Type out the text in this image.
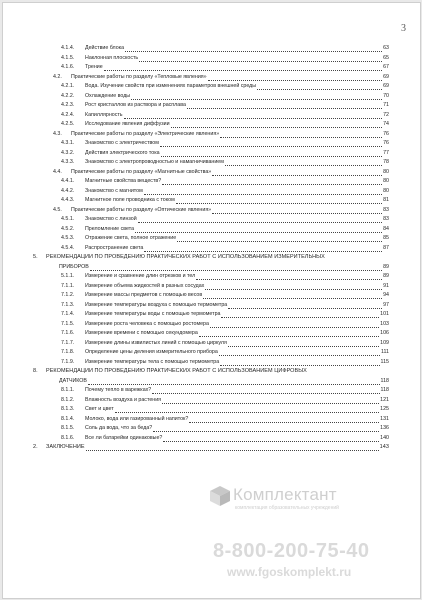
3
4.1.4. Действие блока	63
4.1.5. Наклонная плоскость	65
4.1.6. Трение	67
4.2. Практические работы по разделу «Тепловые явления»	69
4.2.1. Вода. Изучение свойств при изменениях параметров внешней среды	69
4.2.2. Охлаждение воды	70
4.2.3. Рост кристаллов из раствора и расплава	71
4.2.4. Капиллярность	72
4.2.5. Исследование явления диффузии	74
4.3. Практические работы по разделу «Электрические явления»	76
4.3.1. Знакомство с электричеством	76
4.3.2. Действия электрического тока	77
4.3.3. Знакомство с электропроводностью и намагничиванием	78
4.4. Практические работы по разделу «Магнитные свойства»	80
4.4.1. Магнитные свойства веществ?	80
4.4.2. Знакомство с магнитом	80
4.4.3. Магнитное поле проводника с током	81
4.5. Практические работы по разделу «Оптические явления»	83
4.5.1. Знакомство с линзой	83
4.5.2. Преломление света	84
4.5.3. Отражение света, полное отражение	85
4.5.4. Распространение света	87
5. РЕКОМЕНДАЦИИ ПО ПРОВЕДЕНИЮ ПРАКТИЧЕСКИХ РАБОТ С ИСПОЛЬЗОВАНИЕМ ИЗМЕРИТЕЛЬНЫХ
ПРИБОРОВ	89
5.1.1. Измерение и сравнение длин отрезков и тел	89
7.1.1. Измерение объема жидкостей в разных сосудах	91
7.1.2. Измерение массы предметов с помощью весов	94
7.1.3. Измерение температуры воздуха с помощью термометра	97
7.1.4. Измерение температуры воды с помощью термометра	101
7.1.5. Измерение роста человека с помощью ростомера	103
7.1.6. Измерение времени с помощью секундомера	106
7.1.7. Измерение длины извилистых линий с помощью циркуля	109
7.1.8. Определение цены деления измерительного прибора	111
7.1.9. Измерение температуры тела с помощью термометра	115
8. РЕКОМЕНДАЦИИ ПО ПРОВЕДЕНИЮ ПРАКТИЧЕСКИХ РАБОТ С ИСПОЛЬЗОВАНИЕМ ЦИФРОВЫХ
ДАТЧИКОВ	118
8.1.1. Почему тепло в варежках?	118
8.1.2. Влажность воздуха и растения	121
8.1.3. Свет и цвет	125
8.1.4. Молоко, вода или газированный напиток?	131
8.1.5. Соль да вода, что за беда?	136
8.1.6. Все ли батарейки одинаковые?	140
2. ЗАКЛЮЧЕНИЕ	143
Комплектант
комплектация образовательных учреждений
8-800-200-75-40
www.fgoskomplekt.ru
